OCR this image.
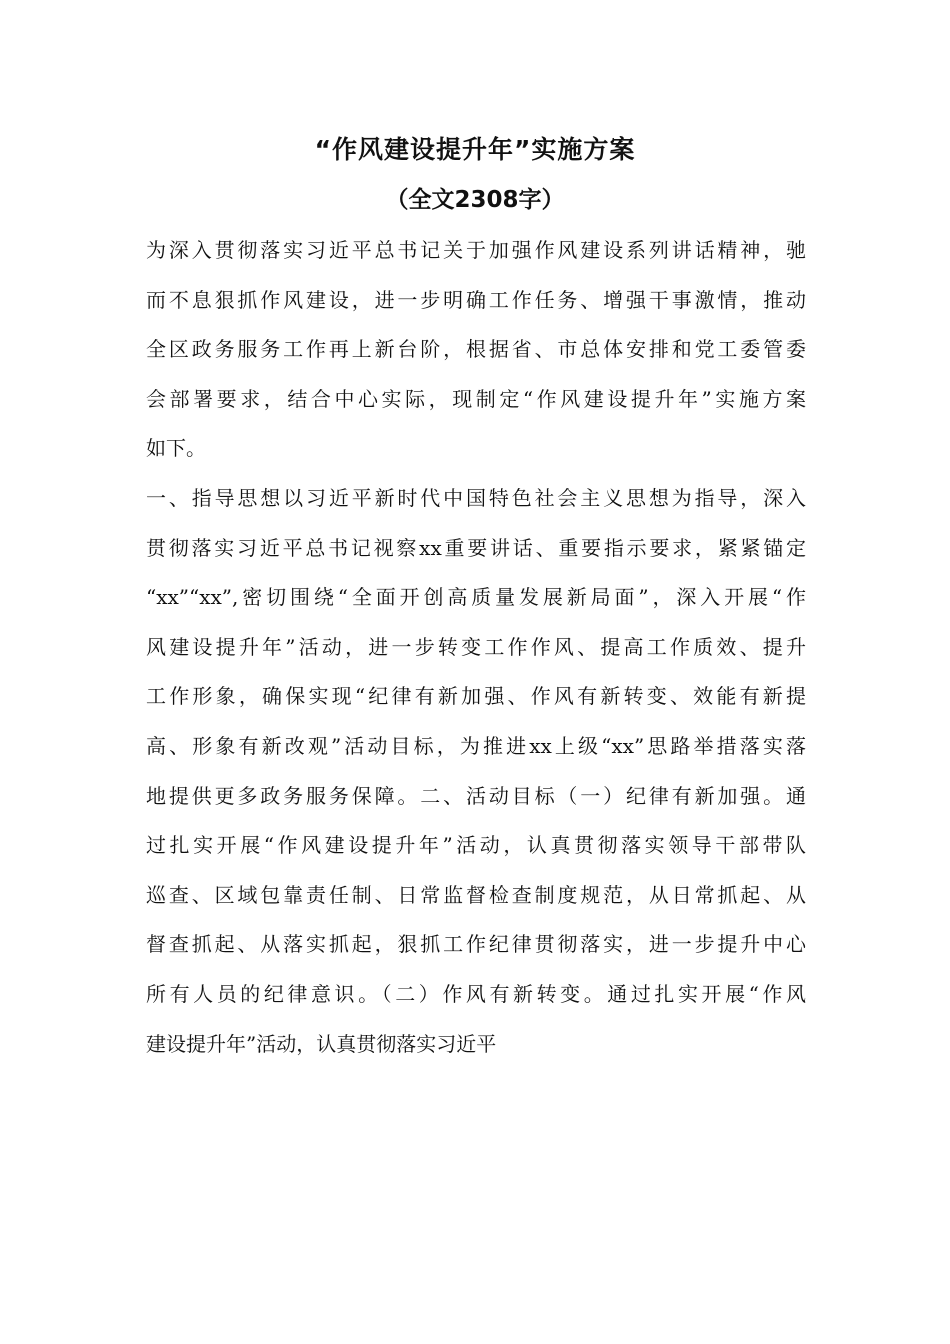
“作风建设提升年”实施方案
（全文2308字）
为深入贯彻落实习近平总书记关于加强作风建设系列讲话精神，驰
而不息狠抓作风建设，进一步明确工作任务、增强干事激情，推动
全区政务服务工作再上新台阶，根据省、市总体安排和党工委管委
会部署要求，结合中心实际，现制定“作风建设提升年”实施方案
如下。
一、指导思想以习近平新时代中国特色社会主义思想为指导，深入
贯彻落实习近平总书记视察xx重要讲话、重要指示要求，紧紧锚定
“xx”“xx”,密切围绕“全面开创高质量发展新局面”，深入开展“作
风建设提升年”活动，进一步转变工作作风、提高工作质效、提升
工作形象，确保实现“纪律有新加强、作风有新转变、效能有新提
高、形象有新改观”活动目标，为推进xx上级“xx”思路举措落实落
地提供更多政务服务保障。二、活动目标（一）纪律有新加强。通
过扎实开展“作风建设提升年”活动，认真贯彻落实领导干部带队
巡查、区域包靠责任制、日常监督检查制度规范，从日常抓起、从
督查抓起、从落实抓起，狠抓工作纪律贯彻落实，进一步提升中心
所有人员的纪律意识。（二）作风有新转变。通过扎实开展“作风
建设提升年”活动，认真贯彻落实习近平
